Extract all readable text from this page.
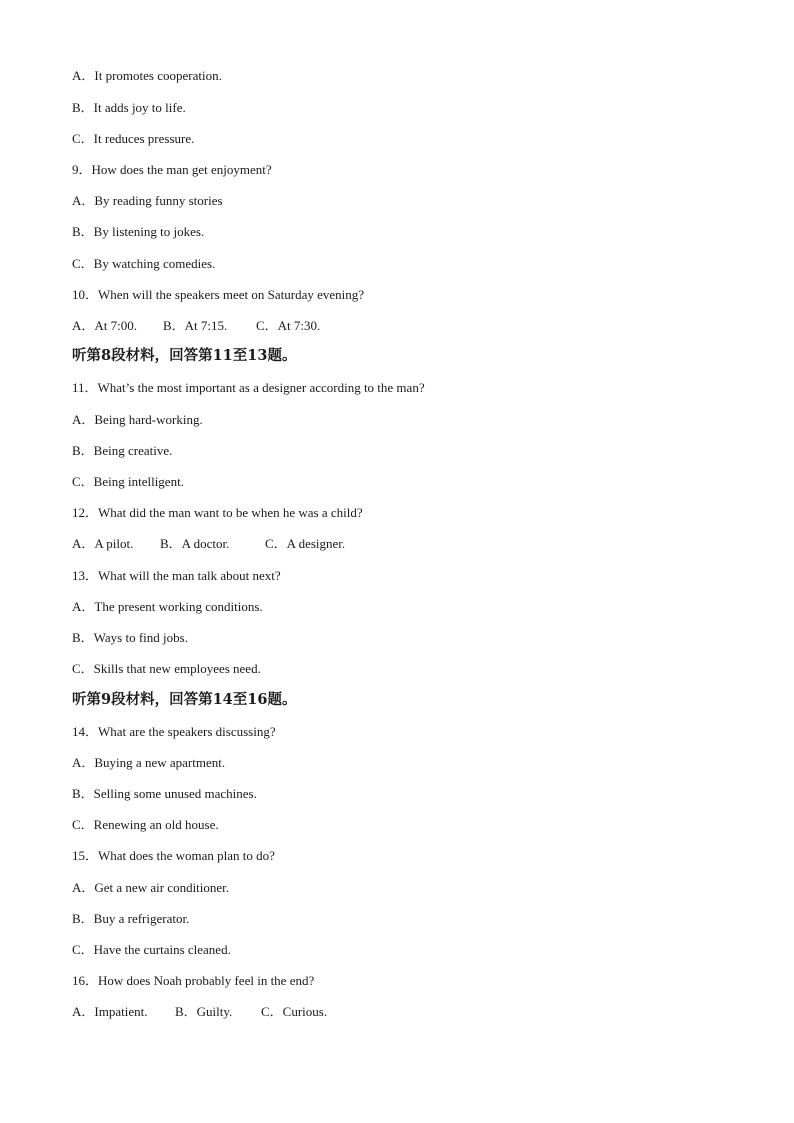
A．It promotes cooperation.
B．It adds joy to life.
C．It reduces pressure.
9．How does the man get enjoyment?
A．By reading funny stories
B．By listening to jokes.
C．By watching comedies.
10．When will the speakers meet on Saturday evening?

A．At 7:00.

B．At 7:15.

C．At 7:30.

听第8段材料，回答第11至13题。
11．What’s the most important as a designer according to the man?
A．Being hard-working.
B．Being creative.
C．Being intelligent.
12．What did the man want to be when he was a child?

A．A pilot.

B．A doctor.

	C．A designer.

13．What will the man talk about next?
A．The present working conditions.
B．Ways to find jobs.
C．Skills that new employees need.
听第9段材料，回答第14至16题。
14．What are the speakers discussing?
A．Buying a new apartment.
B．Selling some unused machines.
C．Renewing an old house.
15．What does the woman plan to do?
A．Get a new air conditioner.
B．Buy a refrigerator.
C．Have the curtains cleaned.
16．How does Noah probably feel in the end?

A．Impatient.

B．Guilty.

C．Curious.
